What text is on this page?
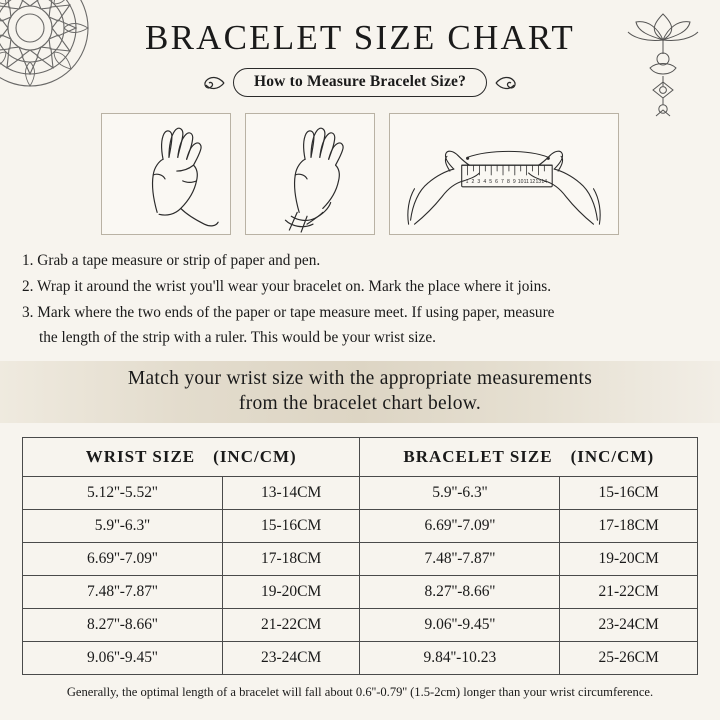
BRACELET SIZE CHART
How to Measure Bracelet Size?
1 2 3 4 5 6 7 8 9 10 11 12 13 14
1. Grab a tape measure or strip of paper and pen.
2. Wrap it around the wrist you'll wear your bracelet on. Mark the place where it joins.
3. Mark where the two ends of the paper or tape measure meet. If using paper, measure
the length of the strip with a ruler. This would be your wrist size.
Match your wrist size with the appropriate measurements
from the bracelet chart below.
WRIST SIZE (INC/CM)		BRACELET SIZE (INC/CM)	
5.12''-5.52''	13-14CM	5.9''-6.3''	15-16CM
5.9''-6.3''	15-16CM	6.69''-7.09''	17-18CM
6.69''-7.09''	17-18CM	7.48''-7.87''	19-20CM
7.48''-7.87''	19-20CM	8.27''-8.66''	21-22CM
8.27''-8.66''	21-22CM	9.06''-9.45''	23-24CM
9.06''-9.45''	23-24CM	9.84''-10.23	25-26CM
Generally, the optimal length of a bracelet will fall about 0.6''-0.79'' (1.5-2cm) longer than your wrist circumference.
